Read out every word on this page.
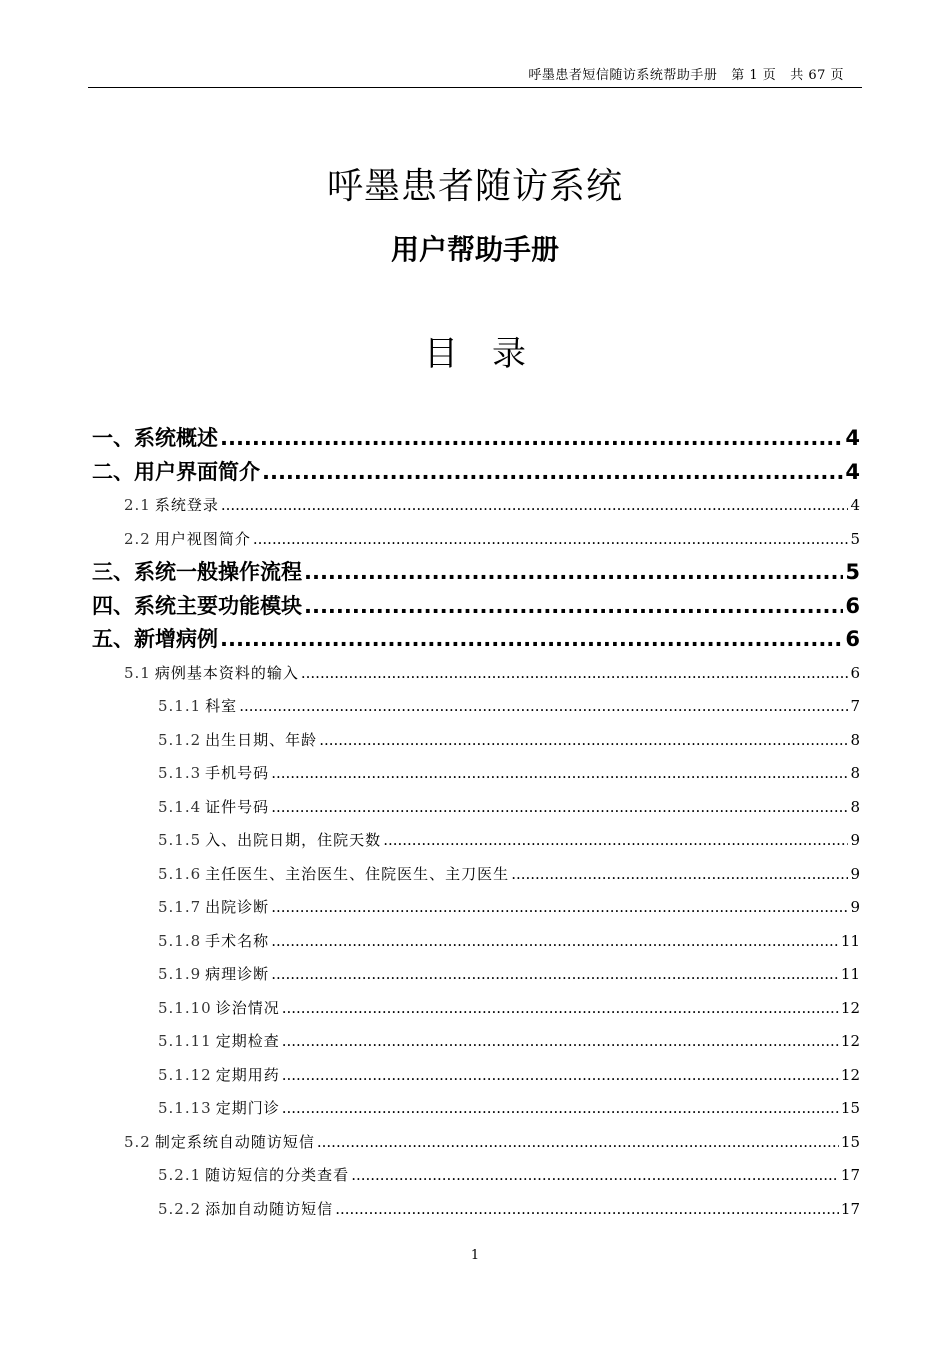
呼墨患者短信随访系统帮助手册 第 1 页 共 67 页
呼墨患者随访系统
用户帮助手册
目　录
一、系统概述 .....	4
二、用户界面简介 .....	4
2.1 系统登录 .....	4
2.2 用户视图简介 .....	5
三、系统一般操作流程 .....	5
四、系统主要功能模块 .....	6
五、新增病例 .....	6
5.1 病例基本资料的输入 .....	6
5.1.1 科室 .....	7
5.1.2 出生日期、年龄 .....	8
5.1.3 手机号码 .....	8
5.1.4 证件号码 .....	8
5.1.5 入、出院日期，住院天数 .....	9
5.1.6 主任医生、主治医生、住院医生、主刀医生 .....	9
5.1.7 出院诊断 .....	9
5.1.8 手术名称 .....	11
5.1.9 病理诊断 .....	11
5.1.10 诊治情况 .....	12
5.1.11 定期检查 .....	12
5.1.12 定期用药 .....	12
5.1.13 定期门诊 .....	15
5.2 制定系统自动随访短信 .....	15
5.2.1 随访短信的分类查看 .....	17
5.2.2 添加自动随访短信 .....	17
1
